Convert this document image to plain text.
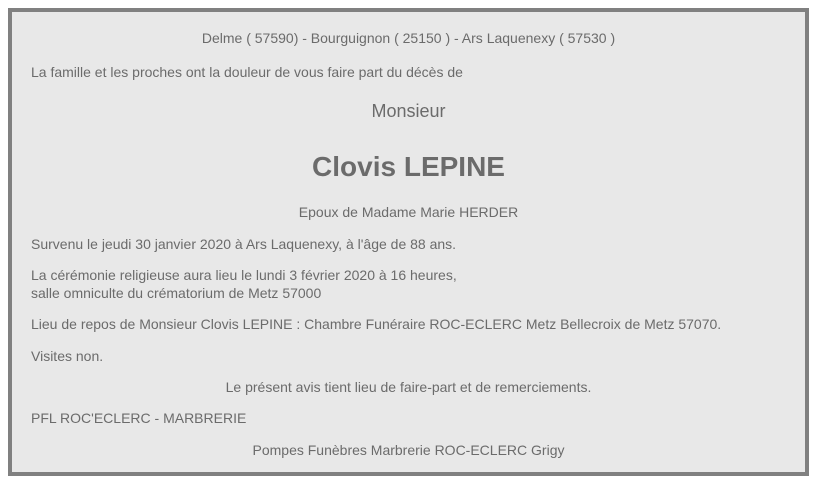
Delme ( 57590) - Bourguignon ( 25150 ) - Ars Laquenexy ( 57530 )
La famille et les proches ont la douleur de vous faire part du décès de
Monsieur
Clovis LEPINE
Epoux de Madame Marie HERDER
Survenu le jeudi 30 janvier 2020 à Ars Laquenexy, à l'âge de 88 ans.
La cérémonie religieuse aura lieu le lundi 3 février 2020 à 16 heures,
salle omniculte du crématorium de Metz 57000
Lieu de repos de Monsieur Clovis LEPINE : Chambre Funéraire ROC-ECLERC Metz Bellecroix de Metz 57070.
Visites non.
Le présent avis tient lieu de faire-part et de remerciements.
PFL ROC'ECLERC - MARBRERIE
Pompes Funèbres Marbrerie ROC-ECLERC Grigy
